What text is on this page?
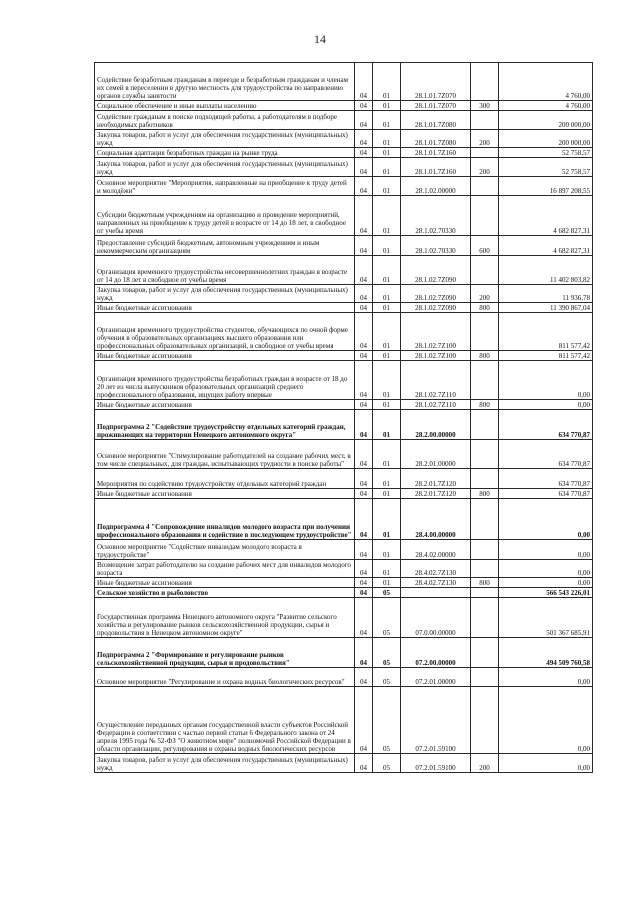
14
Содействие безработным гражданам в переезде и безработным гражданам и членам их семей в переселении в другую местность для трудоустройства по направлению органов службы занятости	04	01	28.1.01.7Z070		4 760,00
Социальное обеспечение и иные выплаты населению	04	01	28.1.01.7Z070	300	4 760,00
Содействие гражданам в поиске подходящей работы, а работодателям в подборе необходимых работников	04	01	28.1.01.7Z080		200 000,00
Закупка товаров, работ и услуг для обеспечения государственных (муниципальных) нужд	04	01	28.1.01.7Z080	200	200 000,00
Социальная адаптация безработных граждан на рынке труда	04	01	28.1.01.7Z160		52 758,57
Закупка товаров, работ и услуг для обеспечения государственных (муниципальных) нужд	04	01	28.1.01.7Z160	200	52 758,57
Основное мероприятие "Мероприятия, направленные на приобщение к труду детей и молодёжи"	04	01	28.1.02.00000		16 897 208,55
Субсидии бюджетным учреждениям на организацию и проведение мероприятий, направленных на приобщение к труду детей в возрасте от 14 до 18 лет, в свободное от учебы время	04	01	28.1.02.70330		4 682 827,31
Предоставление субсидий бюджетным, автономным учреждениям и иным некоммерческим организациям	04	01	28.1.02.70330	600	4 682 827,31
Организация временного трудоустройства несовершеннолетних граждан в возрасте от 14 до 18 лет в свободное от учебы время	04	01	28.1.02.7Z090		11 402 803,82
Закупка товаров, работ и услуг для обеспечения государственных (муниципальных) нужд	04	01	28.1.02.7Z090	200	11 936,78
Иные бюджетные ассигнования	04	01	28.1.02.7Z090	800	11 390 867,04
Организация временного трудоустройства студентов, обучающихся по очной форме обучения в образовательных организациях высшего образования или профессиональных образовательных организаций, в свободное от учебы время	04	01	28.1.02.7Z100		811 577,42
Иные бюджетные ассигнования	04	01	28.1.02.7Z100	800	811 577,42
Организация временного трудоустройства безработных граждан в возрасте от 18 до 20 лет из числа выпускников образовательных организаций среднего профессионального образования, ищущих работу впервые	04	01	28.1.02.7Z110		0,00
Иные бюджетные ассигнования	04	01	28.1.02.7Z110	800	0,00
Подпрограмма 2 "Содействие трудоустройству отдельных категорий граждан, проживающих на территории Ненецкого автономного округа"	04	01	28.2.00.00000		634 770,87
Основное мероприятие "Стимулирование работодателей на создание рабочих мест, в том числе специальных, для граждан, испытывающих трудности в поиске работы"	04	01	28.2.01.00000		634 770,87
Мероприятия по содействию трудоустройству отдельных категорий граждан	04	01	28.2.01.7Z120		634 770,87
Иные бюджетные ассигнования	04	01	28.2.01.7Z120	800	634 770,87
Подпрограмма 4 "Сопровождение инвалидов молодого возраста при получении профессионального образования и содействие в последующем трудоустройстве"	04	01	28.4.00.00000		0,00
Основное мероприятие "Содействие инвалидам молодого возраста в трудоустройстве"	04	01	28.4.02.00000		0,00
Возмещение затрат работодателю на создание рабочих мест для инвалидов молодого возраста	04	01	28.4.02.7Z130		0,00
Иные бюджетные ассигнования	04	01	28.4.02.7Z130	800	0,00
Сельское хозяйство и рыболовство	04	05			566 543 226,01
Государственная программа Ненецкого автономного округа "Развитие сельского хозяйства и регулирование рынков сельскохозяйственной продукции, сырья и продовольствия в Ненецком автономном округе"	04	05	07.0.00.00000		501 367 685,91
Подпрограмма 2 "Формирование и регулирование рынков сельскохозяйственной продукции, сырья и продовольствия"	04	05	07.2.00.00000		494 509 760,58
Основное мероприятие "Регулирование и охрана водных биологических ресурсов"	04	05	07.2.01.00000		0,00
Осуществление переданных органам государственной власти субъектов Российской Федерации в соответствии с частью первой статьи 6 Федерального закона от 24 апреля 1995 года № 52-ФЗ "О животном мире" полномочий Российской Федерации в области организации, регулирования и охраны водных биологических ресурсов	04	05	07.2.01.59100		0,00
Закупка товаров, работ и услуг для обеспечения государственных (муниципальных) нужд	04	05	07.2.01.59100	200	0,00
